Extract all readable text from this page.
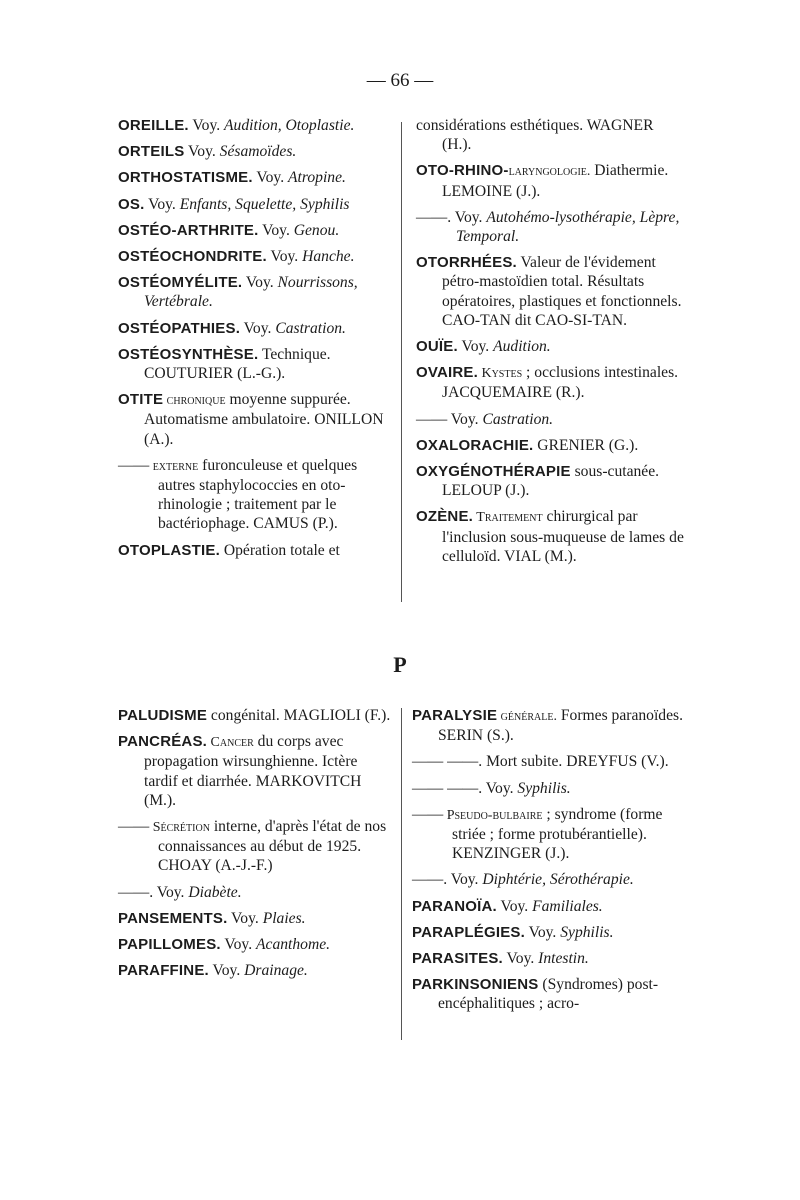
— 66 —
OREILLE. Voy. Audition, Otoplastie.
ORTEILS Voy. Sésamoïdes.
ORTHOSTATISME. Voy. Atropine.
OS. Voy. Enfants, Squelette, Syphilis
OSTÉO-ARTHRITE. Voy. Genou.
OSTÉOCHONDRITE. Voy. Hanche.
OSTÉOMYÉLITE. Voy. Nourrissons, Vertébrale.
OSTÉOPATHIES. Voy. Castration.
OSTÉOSYNTHÈSE. Technique. COUTURIER (L.-G.).
OTITE chronique moyenne suppurée. Automatisme ambulatoire. ONILLON (A.).
—— externe furonculeuse et quelques autres staphylococcies en oto-rhinologie ; traitement par le bactériophage. CAMUS (P.).
OTOPLASTIE. Opération totale et
considérations esthétiques. WAGNER (H.).
OTO-RHINO-laryngologie. Diathermie. LEMOINE (J.).
——. Voy. Autohémo-lysothérapie, Lèpre, Temporal.
OTORRHÉES. Valeur de l'évidement pétro-mastoïdien total. Résultats opératoires, plastiques et fonctionnels. CAO-TAN dit CAO-SI-TAN.
OUÏE. Voy. Audition.
OVAIRE. Kystes ; occlusions intestinales. JACQUEMAIRE (R.).
—— Voy. Castration.
OXALORACHIE. GRENIER (G.).
OXYGÉNOTHÉRAPIE sous-cutanée. LELOUP (J.).
OZÈNE. Traitement chirurgical par l'inclusion sous-muqueuse de lames de celluloïd. VIAL (M.).
P
PALUDISME congénital. MAGLIOLI (F.).
PANCRÉAS. Cancer du corps avec propagation wirsunghienne. Ictère tardif et diarrhée. MARKOVITCH (M.).
—— Sécrétion interne, d'après l'état de nos connaissances au début de 1925. CHOAY (A.-J.-F.)
——. Voy. Diabète.
PANSEMENTS. Voy. Plaies.
PAPILLOMES. Voy. Acanthome.
PARAFFINE. Voy. Drainage.
PARALYSIE générale. Formes paranoïdes. SERIN (S.).
—— ——. Mort subite. DREYFUS (V.).
—— ——. Voy. Syphilis.
—— Pseudo-bulbaire ; syndrome (forme striée ; forme protubérantielle). KENZINGER (J.).
——. Voy. Diphtérie, Sérothérapie.
PARANOÏA. Voy. Familiales.
PARAPLÉGIES. Voy. Syphilis.
PARASITES. Voy. Intestin.
PARKINSONIENS (Syndromes) post-encéphalitiques ; acro-
